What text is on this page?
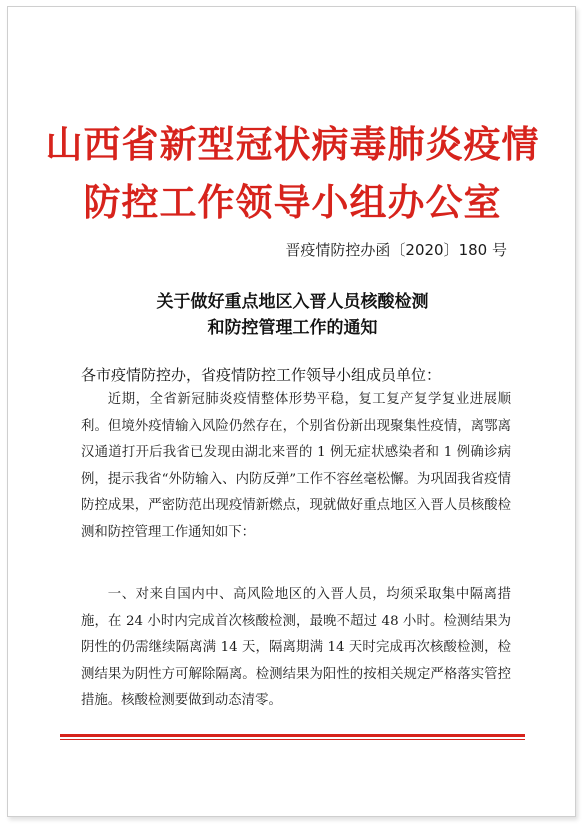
山西省新型冠状病毒肺炎疫情
防控工作领导小组办公室
晋疫情防控办函〔2020〕180 号
关于做好重点地区入晋人员核酸检测
和防控管理工作的通知
各市疫情防控办，省疫情防控工作领导小组成员单位：

近期，全省新冠肺炎疫情整体形势平稳，复工复产复学复业进展顺利。但境外疫情输入风险仍然存在，个别省份新出现聚集性疫情，离鄂离汉通道打开后我省已发现由湖北来晋的 1 例无症状感染者和 1 例确诊病例，提示我省“外防输入、内防反弹”工作不容丝毫松懈。为巩固我省疫情防控成果，严密防范出现疫情新燃点，现就做好重点地区入晋人员核酸检测和防控管理工作通知如下：

一、对来自国内中、高风险地区的入晋人员，均须采取集中隔离措施，在 24 小时内完成首次核酸检测，最晚不超过 48 小时。检测结果为阴性的仍需继续隔离满 14 天，隔离期满 14 天时完成再次核酸检测，检测结果为阴性方可解除隔离。检测结果为阳性的按相关规定严格落实管控措施。核酸检测要做到动态清零。
